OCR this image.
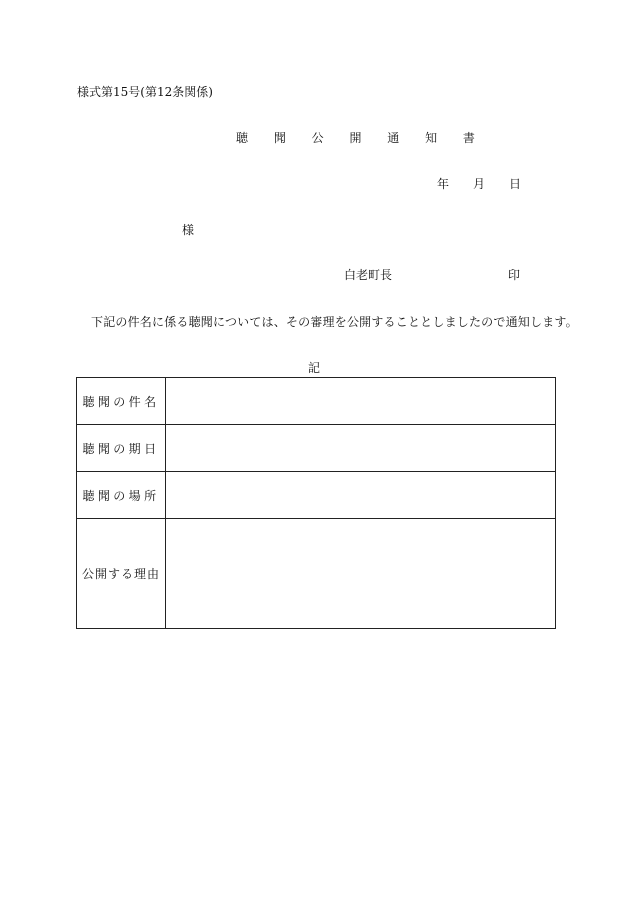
様式第15号(第12条関係)
聴 聞 公 開 通 知 書
年 月 日
様
白老町長	印
下記の件名に係る聴聞については、その審理を公開することとしましたので通知します。
記
聴聞の件名	
聴聞の期日	
聴聞の場所	
公開する理由	
